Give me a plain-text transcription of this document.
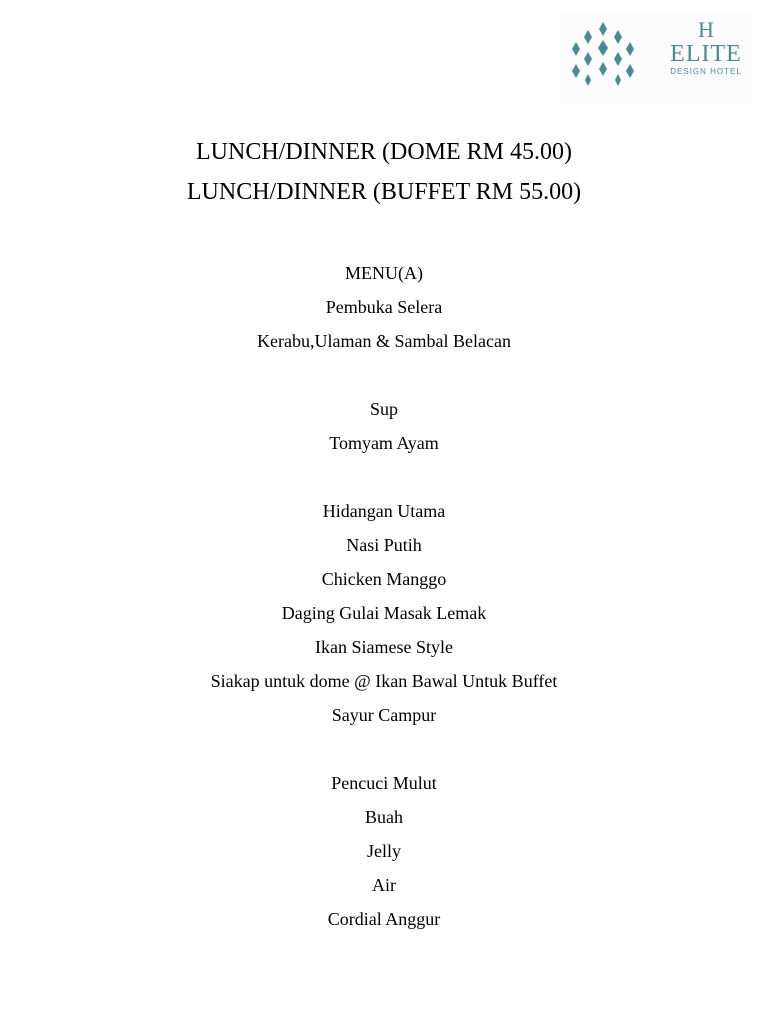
H
ELITE
DESIGN HOTEL
LUNCH/DINNER (DOME RM 45.00)
LUNCH/DINNER (BUFFET RM 55.00)
MENU(A)
Pembuka Selera
Kerabu,Ulaman & Sambal Belacan
Sup
Tomyam Ayam
Hidangan Utama
Nasi Putih
Chicken Manggo
Daging Gulai Masak Lemak
Ikan Siamese Style
Siakap untuk dome @ Ikan Bawal Untuk Buffet
Sayur Campur
Pencuci Mulut
Buah
Jelly
Air
Cordial Anggur
